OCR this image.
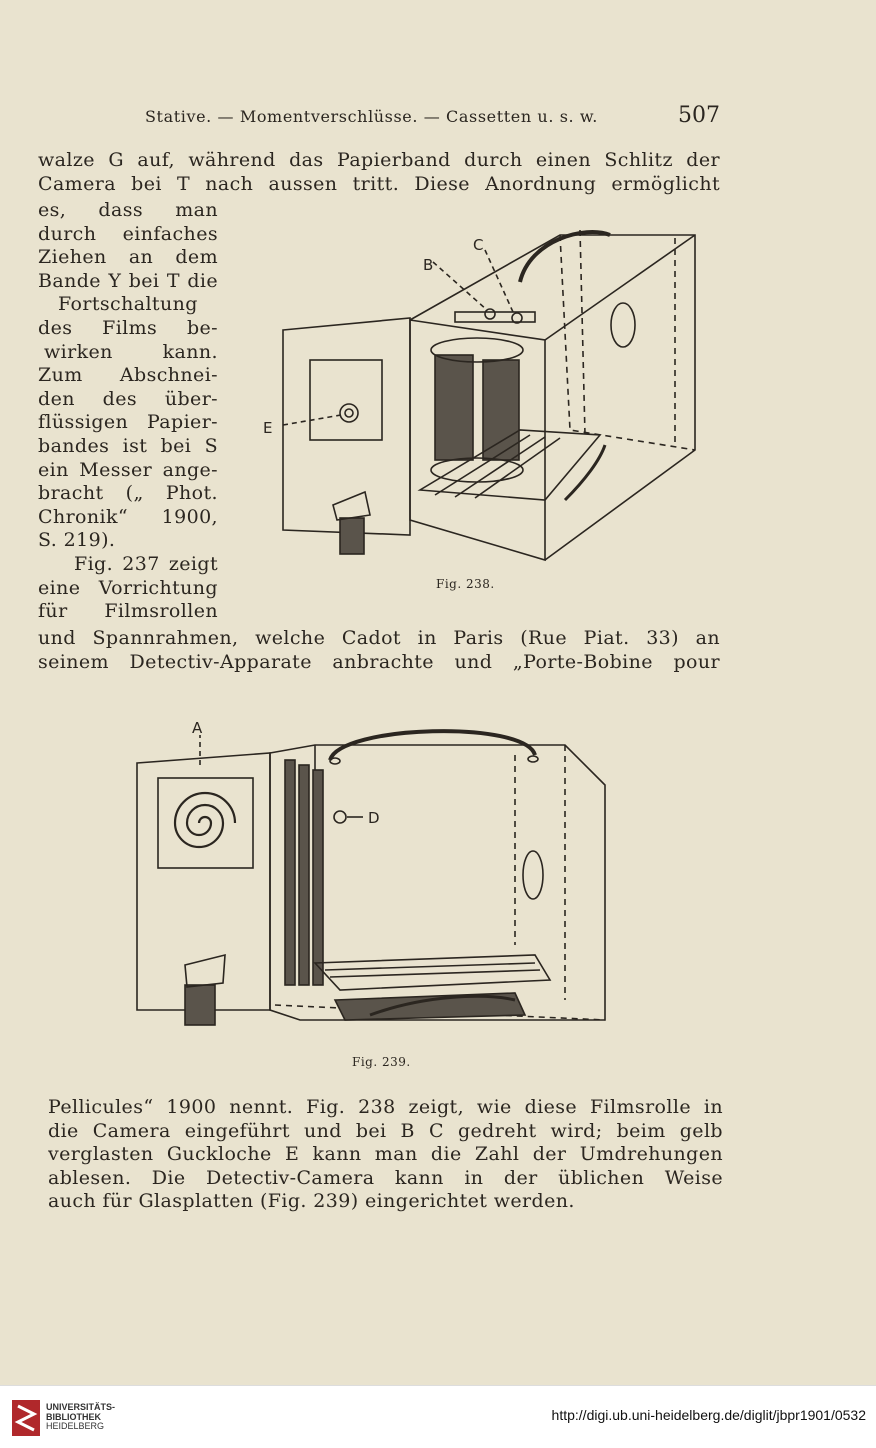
Stative. — Momentverschlüsse. — Cassetten u. s. w.	507
walze G auf, während das Papierband durch einen Schlitz der
Camera bei T nach aussen tritt. Diese Anordnung ermöglicht
es, dass man
durch einfaches
Ziehen an dem
Bande Y bei T die
Fortschaltung
des Films be-
wirken kann.
Zum Abschnei-
den des über-
flüssigen Papier-
bandes ist bei S
ein Messer ange-
bracht („ Phot.
Chronik“ 1900,
S. 219).
Fig. 237 zeigt
eine Vorrichtung
für Filmsrollen
und Spannrahmen, welche Cadot in Paris (Rue Piat. 33) an
seinem Detectiv-Apparate anbrachte und „Porte-Bobine pour
B
C
E
Fig. 238.
A
D
Fig. 239.
Pellicules“ 1900 nennt. Fig. 238 zeigt, wie diese Filmsrolle in
die Camera eingeführt und bei B C gedreht wird; beim gelb
verglasten Guckloche E kann man die Zahl der Umdrehungen
ablesen. Die Detectiv-Camera kann in der üblichen Weise
auch für Glasplatten (Fig. 239) eingerichtet werden.
UNIVERSITÄTS-
BIBLIOTHEK
HEIDELBERG
http://digi.ub.uni-heidelberg.de/diglit/jbpr1901/0532
